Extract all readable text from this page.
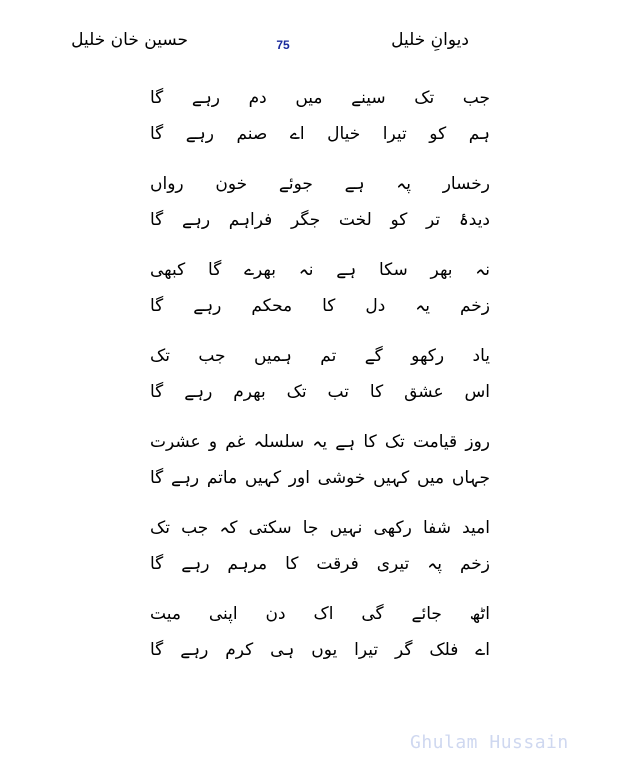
حسین خان خلیل	75	دیوانِ خلیل
جب تک سینے میں دم رہے گا
ہم کو تیرا خیال اے صنم رہے گا
رخسار پہ ہے جوئے خون رواں
دیدۂ تر کو لخت جگر فراہم رہے گا
نہ بھر سکا ہے نہ بھرے گا کبھی
زخم یہ دل کا محکم رہے گا
یاد رکھو گے تم ہمیں جب تک
اس عشق کا تب تک بھرم رہے گا
روز قیامت تک کا ہے یہ سلسلہ غم و عشرت
جہاں میں کہیں خوشی اور کہیں ماتم رہے گا
امید شفا رکھی نہیں جا سکتی کہ جب تک
زخم پہ تیری فرقت کا مرہم رہے گا
اٹھ جائے گی اک دن اپنی میت
اے فلک گر تیرا یوں ہی کرم رہے گا
Ghulam Hussain
